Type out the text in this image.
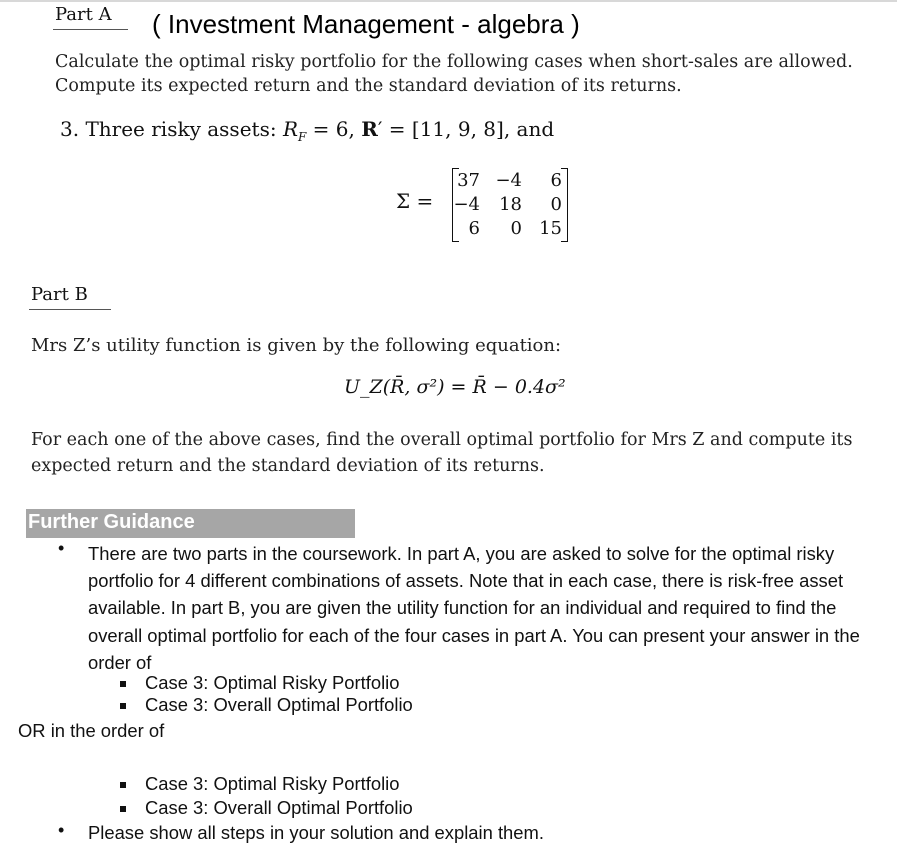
Part A ( Investment Management - algebra )
Calculate the optimal risky portfolio for the following cases when short-sales are allowed.
Compute its expected return and the standard deviation of its returns.
3. Three risky assets: $R_F = 6$, R′ = [11, 9, 8], and
Σ =
37 −4	6
−4	18	0
6	0 15
Part B
Mrs Z’s utility function is given by the following equation:
U_Z(R̄, σ²) = R̄ − 0.4σ²
For each one of the above cases, find the overall optimal portfolio for Mrs Z and compute its
expected return and the standard deviation of its returns.
Further Guidance
• There are two parts in the coursework. In part A, you are asked to solve for the optimal risky portfolio for 4 different combinations of assets. Note that in each case, there is risk-free asset available. In part B, you are given the utility function for an individual and required to find the overall optimal portfolio for each of the four cases in part A. You can present your answer in the order of
Case 3: Optimal Risky Portfolio
Case 3: Overall Optimal Portfolio
OR in the order of
Case 3: Optimal Risky Portfolio
Case 3: Overall Optimal Portfolio
• Please show all steps in your solution and explain them.
